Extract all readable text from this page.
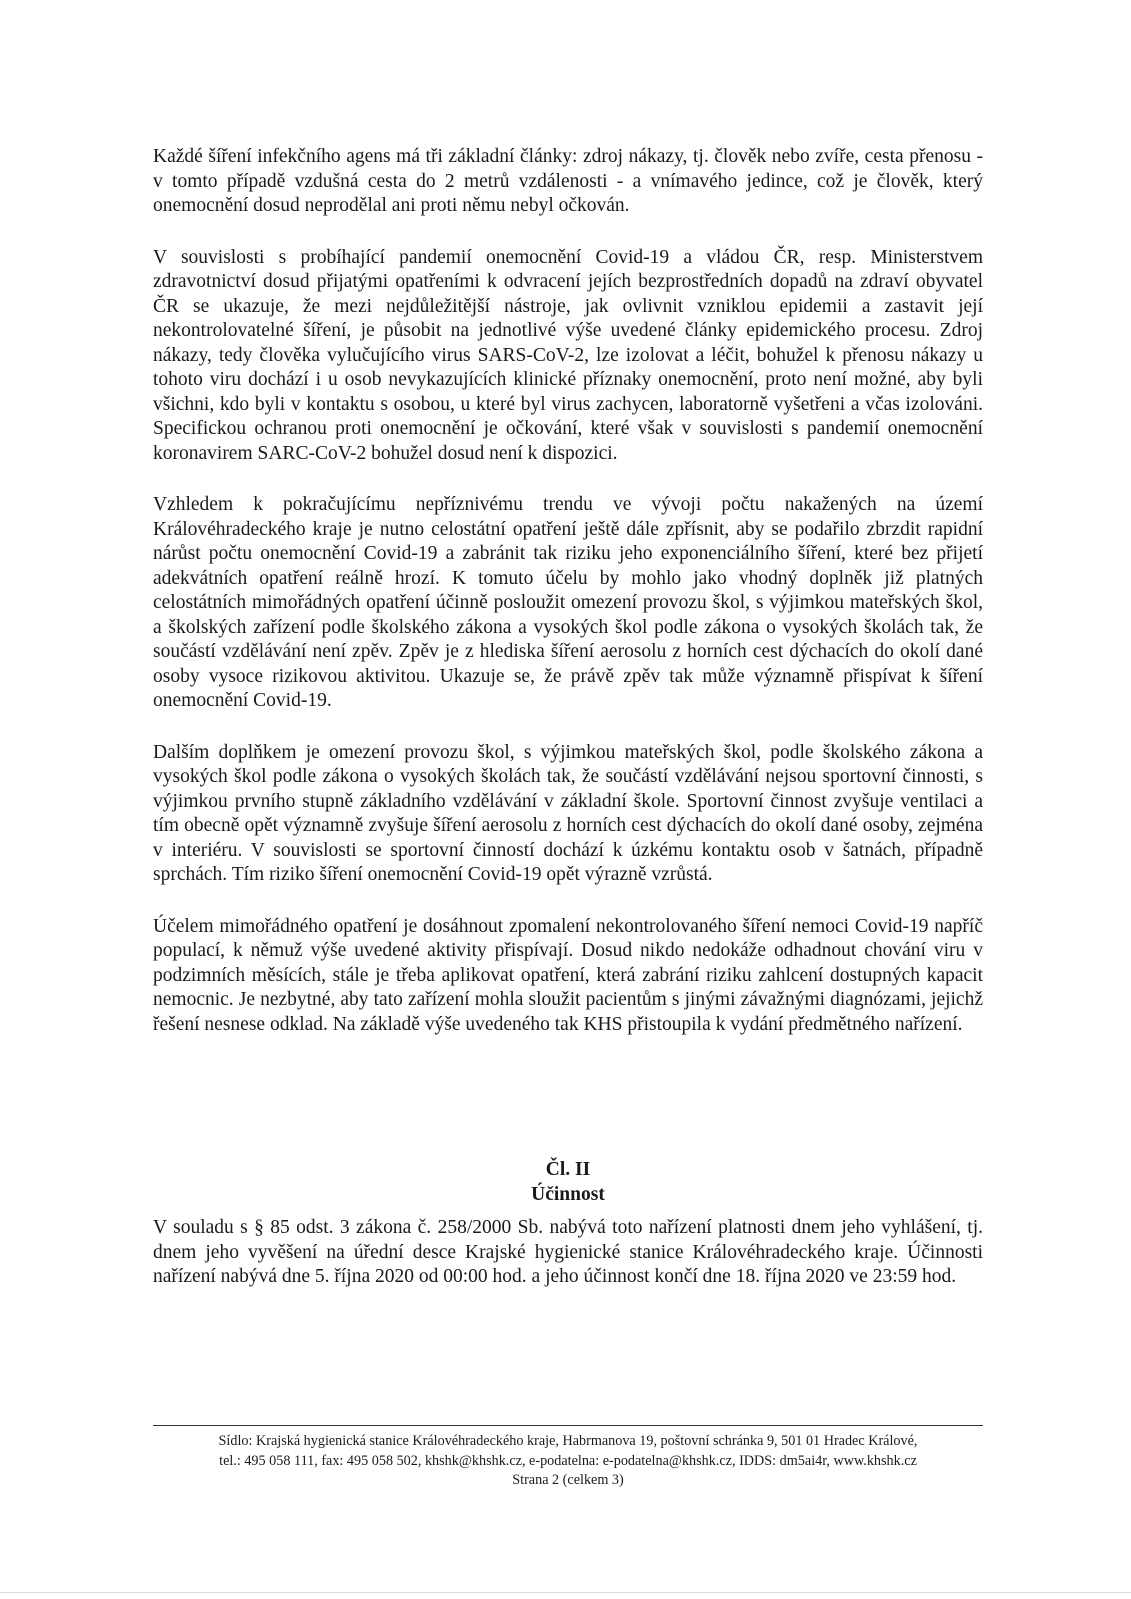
Každé šíření infekčního agens má tři základní články: zdroj nákazy, tj. člověk nebo zvíře, cesta přenosu - v tomto případě vzdušná cesta do 2 metrů vzdálenosti - a vnímavého jedince, což je člověk, který onemocnění dosud neprodělal ani proti němu nebyl očkován.

V souvislosti s probíhající pandemií onemocnění Covid-19 a vládou ČR, resp. Ministerstvem zdravotnictví dosud přijatými opatřeními k odvracení jejích bezprostředních dopadů na zdraví obyvatel ČR se ukazuje, že mezi nejdůležitější nástroje, jak ovlivnit vzniklou epidemii a zastavit její nekontrolovatelné šíření, je působit na jednotlivé výše uvedené články epidemického procesu. Zdroj nákazy, tedy člověka vylučujícího virus SARS-CoV-2, lze izolovat a léčit, bohužel k přenosu nákazy u tohoto viru dochází i u osob nevykazujících klinické příznaky onemocnění, proto není možné, aby byli všichni, kdo byli v kontaktu s osobou, u které byl virus zachycen, laboratorně vyšetřeni a včas izolováni. Specifickou ochranou proti onemocnění je očkování, které však v souvislosti s pandemií onemocnění koronavirem SARC-CoV-2 bohužel dosud není k dispozici.

Vzhledem k pokračujícímu nepříznivému trendu ve vývoji počtu nakažených na území Královéhradeckého kraje je nutno celostátní opatření ještě dále zpřísnit, aby se podařilo zbrzdit rapidní nárůst počtu onemocnění Covid-19 a zabránit tak riziku jeho exponenciálního šíření, které bez přijetí adekvátních opatření reálně hrozí. K tomuto účelu by mohlo jako vhodný doplněk již platných celostátních mimořádných opatření účinně posloužit omezení provozu škol, s výjimkou mateřských škol, a školských zařízení podle školského zákona a vysokých škol podle zákona o vysokých školách tak, že součástí vzdělávání není zpěv. Zpěv je z hlediska šíření aerosolu z horních cest dýchacích do okolí dané osoby vysoce rizikovou aktivitou. Ukazuje se, že právě zpěv tak může významně přispívat k šíření onemocnění Covid-19.

Dalším doplňkem je omezení provozu škol, s výjimkou mateřských škol, podle školského zákona a vysokých škol podle zákona o vysokých školách tak, že součástí vzdělávání nejsou sportovní činnosti, s výjimkou prvního stupně základního vzdělávání v základní škole. Sportovní činnost zvyšuje ventilaci a tím obecně opět významně zvyšuje šíření aerosolu z horních cest dýchacích do okolí dané osoby, zejména v interiéru. V souvislosti se sportovní činností dochází k úzkému kontaktu osob v šatnách, případně sprchách. Tím riziko šíření onemocnění Covid-19 opět výrazně vzrůstá.

Účelem mimořádného opatření je dosáhnout zpomalení nekontrolovaného šíření nemoci Covid-19 napříč populací, k němuž výše uvedené aktivity přispívají. Dosud nikdo nedokáže odhadnout chování viru v podzimních měsících, stále je třeba aplikovat opatření, která zabrání riziku zahlcení dostupných kapacit nemocnic. Je nezbytné, aby tato zařízení mohla sloužit pacientům s jinými závažnými diagnózami, jejichž řešení nesnese odklad. Na základě výše uvedeného tak KHS přistoupila k vydání předmětného nařízení.

Čl. II
Účinnost

V souladu s § 85 odst. 3 zákona č. 258/2000 Sb. nabývá toto nařízení platnosti dnem jeho vyhlášení, tj. dnem jeho vyvěšení na úřední desce Krajské hygienické stanice Královéhradeckého kraje. Účinnosti nařízení nabývá dne 5. října 2020 od 00:00 hod. a jeho účinnost končí dne 18. října 2020 ve 23:59 hod.

Sídlo: Krajská hygienická stanice Královéhradeckého kraje, Habrmanova 19, poštovní schránka 9, 501 01 Hradec Králové,
tel.: 495 058 111, fax: 495 058 502, khshk@khshk.cz, e-podatelna: e-podatelna@khshk.cz, IDDS: dm5ai4r, www.khshk.cz
Strana 2 (celkem 3)
